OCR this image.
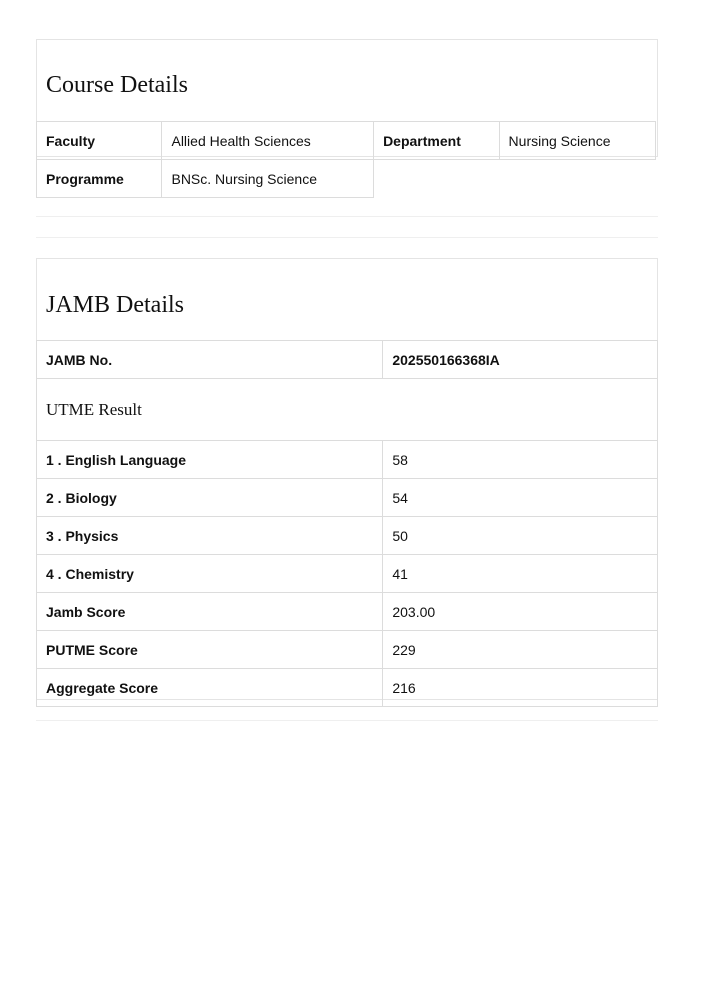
Course Details
Faculty	Allied Health Sciences	Department	Nursing Science
Programme	BNSc. Nursing Science		
JAMB Details
JAMB No.	202550166368IA
UTME Result	
1 . English Language	58
2 . Biology	54
3 . Physics	50
4 . Chemistry	41
Jamb Score	203.00
PUTME Score	229
Aggregate Score	216
